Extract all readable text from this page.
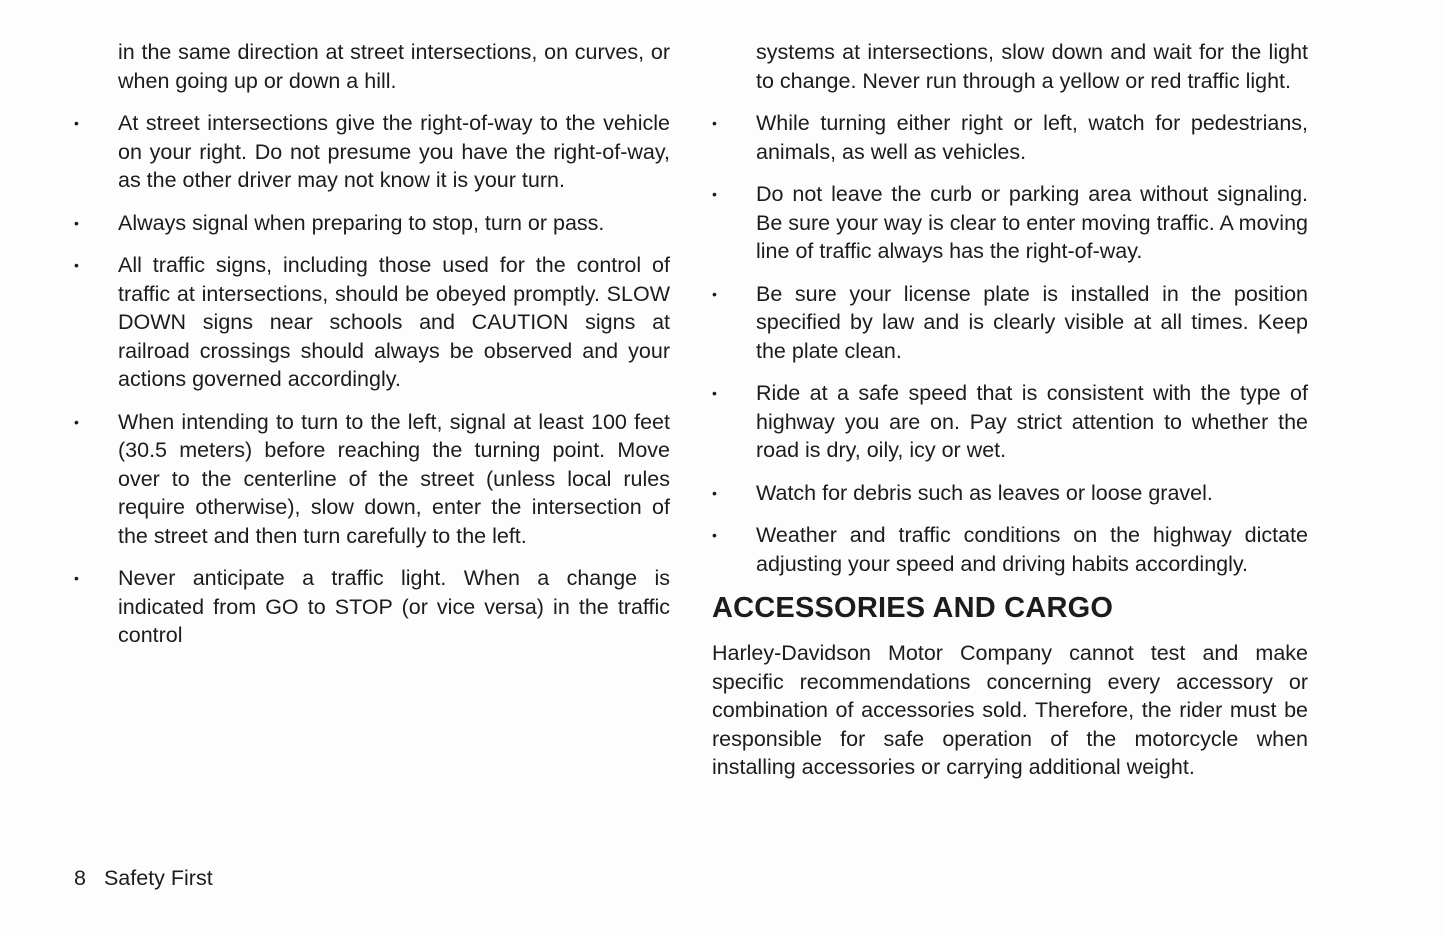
in the same direction at street intersections, on curves, or when going up or down a hill.

• At street intersections give the right-of-way to the vehicle on your right. Do not presume you have the right-of-way, as the other driver may not know it is your turn.
• Always signal when preparing to stop, turn or pass.
• All traffic signs, including those used for the control of traffic at intersections, should be obeyed promptly. SLOW DOWN signs near schools and CAUTION signs at railroad crossings should always be observed and your actions governed accordingly.
• When intending to turn to the left, signal at least 100 feet (30.5 meters) before reaching the turning point. Move over to the centerline of the street (unless local rules require otherwise), slow down, enter the intersection of the street and then turn carefully to the left.
• Never anticipate a traffic light. When a change is indicated from GO to STOP (or vice versa) in the traffic control

systems at intersections, slow down and wait for the light to change. Never run through a yellow or red traffic light.

• While turning either right or left, watch for pedestrians, animals, as well as vehicles.
• Do not leave the curb or parking area without signaling. Be sure your way is clear to enter moving traffic. A moving line of traffic always has the right-of-way.
• Be sure your license plate is installed in the position specified by law and is clearly visible at all times. Keep the plate clean.
• Ride at a safe speed that is consistent with the type of highway you are on. Pay strict attention to whether the road is dry, oily, icy or wet.
• Watch for debris such as leaves or loose gravel.
• Weather and traffic conditions on the highway dictate adjusting your speed and driving habits accordingly.
ACCESSORIES AND CARGO

Harley-Davidson Motor Company cannot test and make specific recommendations concerning every accessory or combination of accessories sold. Therefore, the rider must be responsible for safe operation of the motorcycle when installing accessories or carrying additional weight.

8 Safety First
